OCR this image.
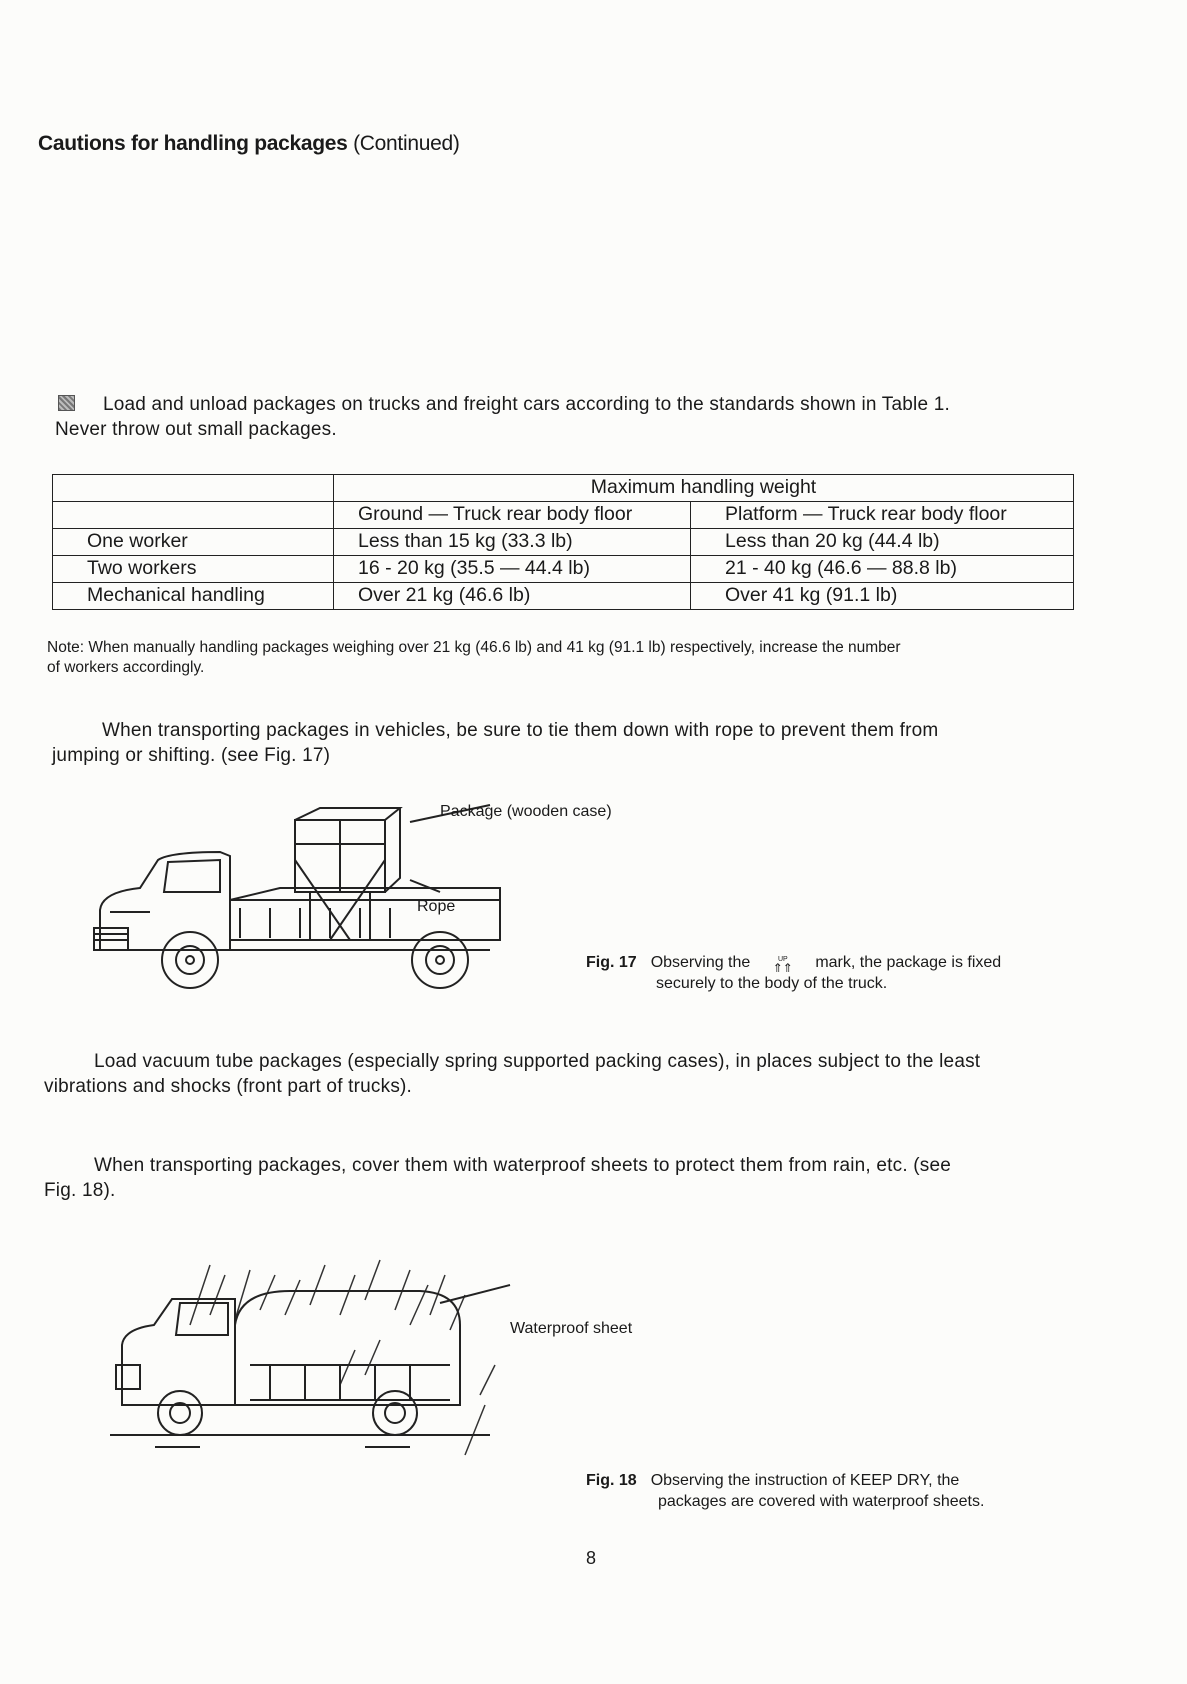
Cautions for handling packages (Continued)
Load and unload packages on trucks and freight cars according to the standards shown in Table 1.
Never throw out small packages.
	Maximum handling weight	
	Ground — Truck rear body floor	Platform — Truck rear body floor
One worker	Less than 15 kg (33.3 lb)	Less than 20 kg (44.4 lb)
Two workers	16 - 20 kg (35.5 — 44.4 lb)	21 - 40 kg (46.6 — 88.8 lb)
Mechanical handling	Over 21 kg (46.6 lb)	Over 41 kg (91.1 lb)
Note: When manually handling packages weighing over 21 kg (46.6 lb) and 41 kg (91.1 lb) respectively, increase the number
of workers accordingly.
When transporting packages in vehicles, be sure to tie them down with rope to prevent them from
jumping or shifting. (see Fig. 17)
Package (wooden case)
Rope
Fig. 17 Observing the	UP
⇑⇑ mark, the package is fixed
securely to the body of the truck.
Load vacuum tube packages (especially spring supported packing cases), in places subject to the least
vibrations and shocks (front part of trucks).
When transporting packages, cover them with waterproof sheets to protect them from rain, etc. (see
Fig. 18).
Waterproof sheet
Fig. 18 Observing the instruction of KEEP DRY, the
packages are covered with waterproof sheets.
8
